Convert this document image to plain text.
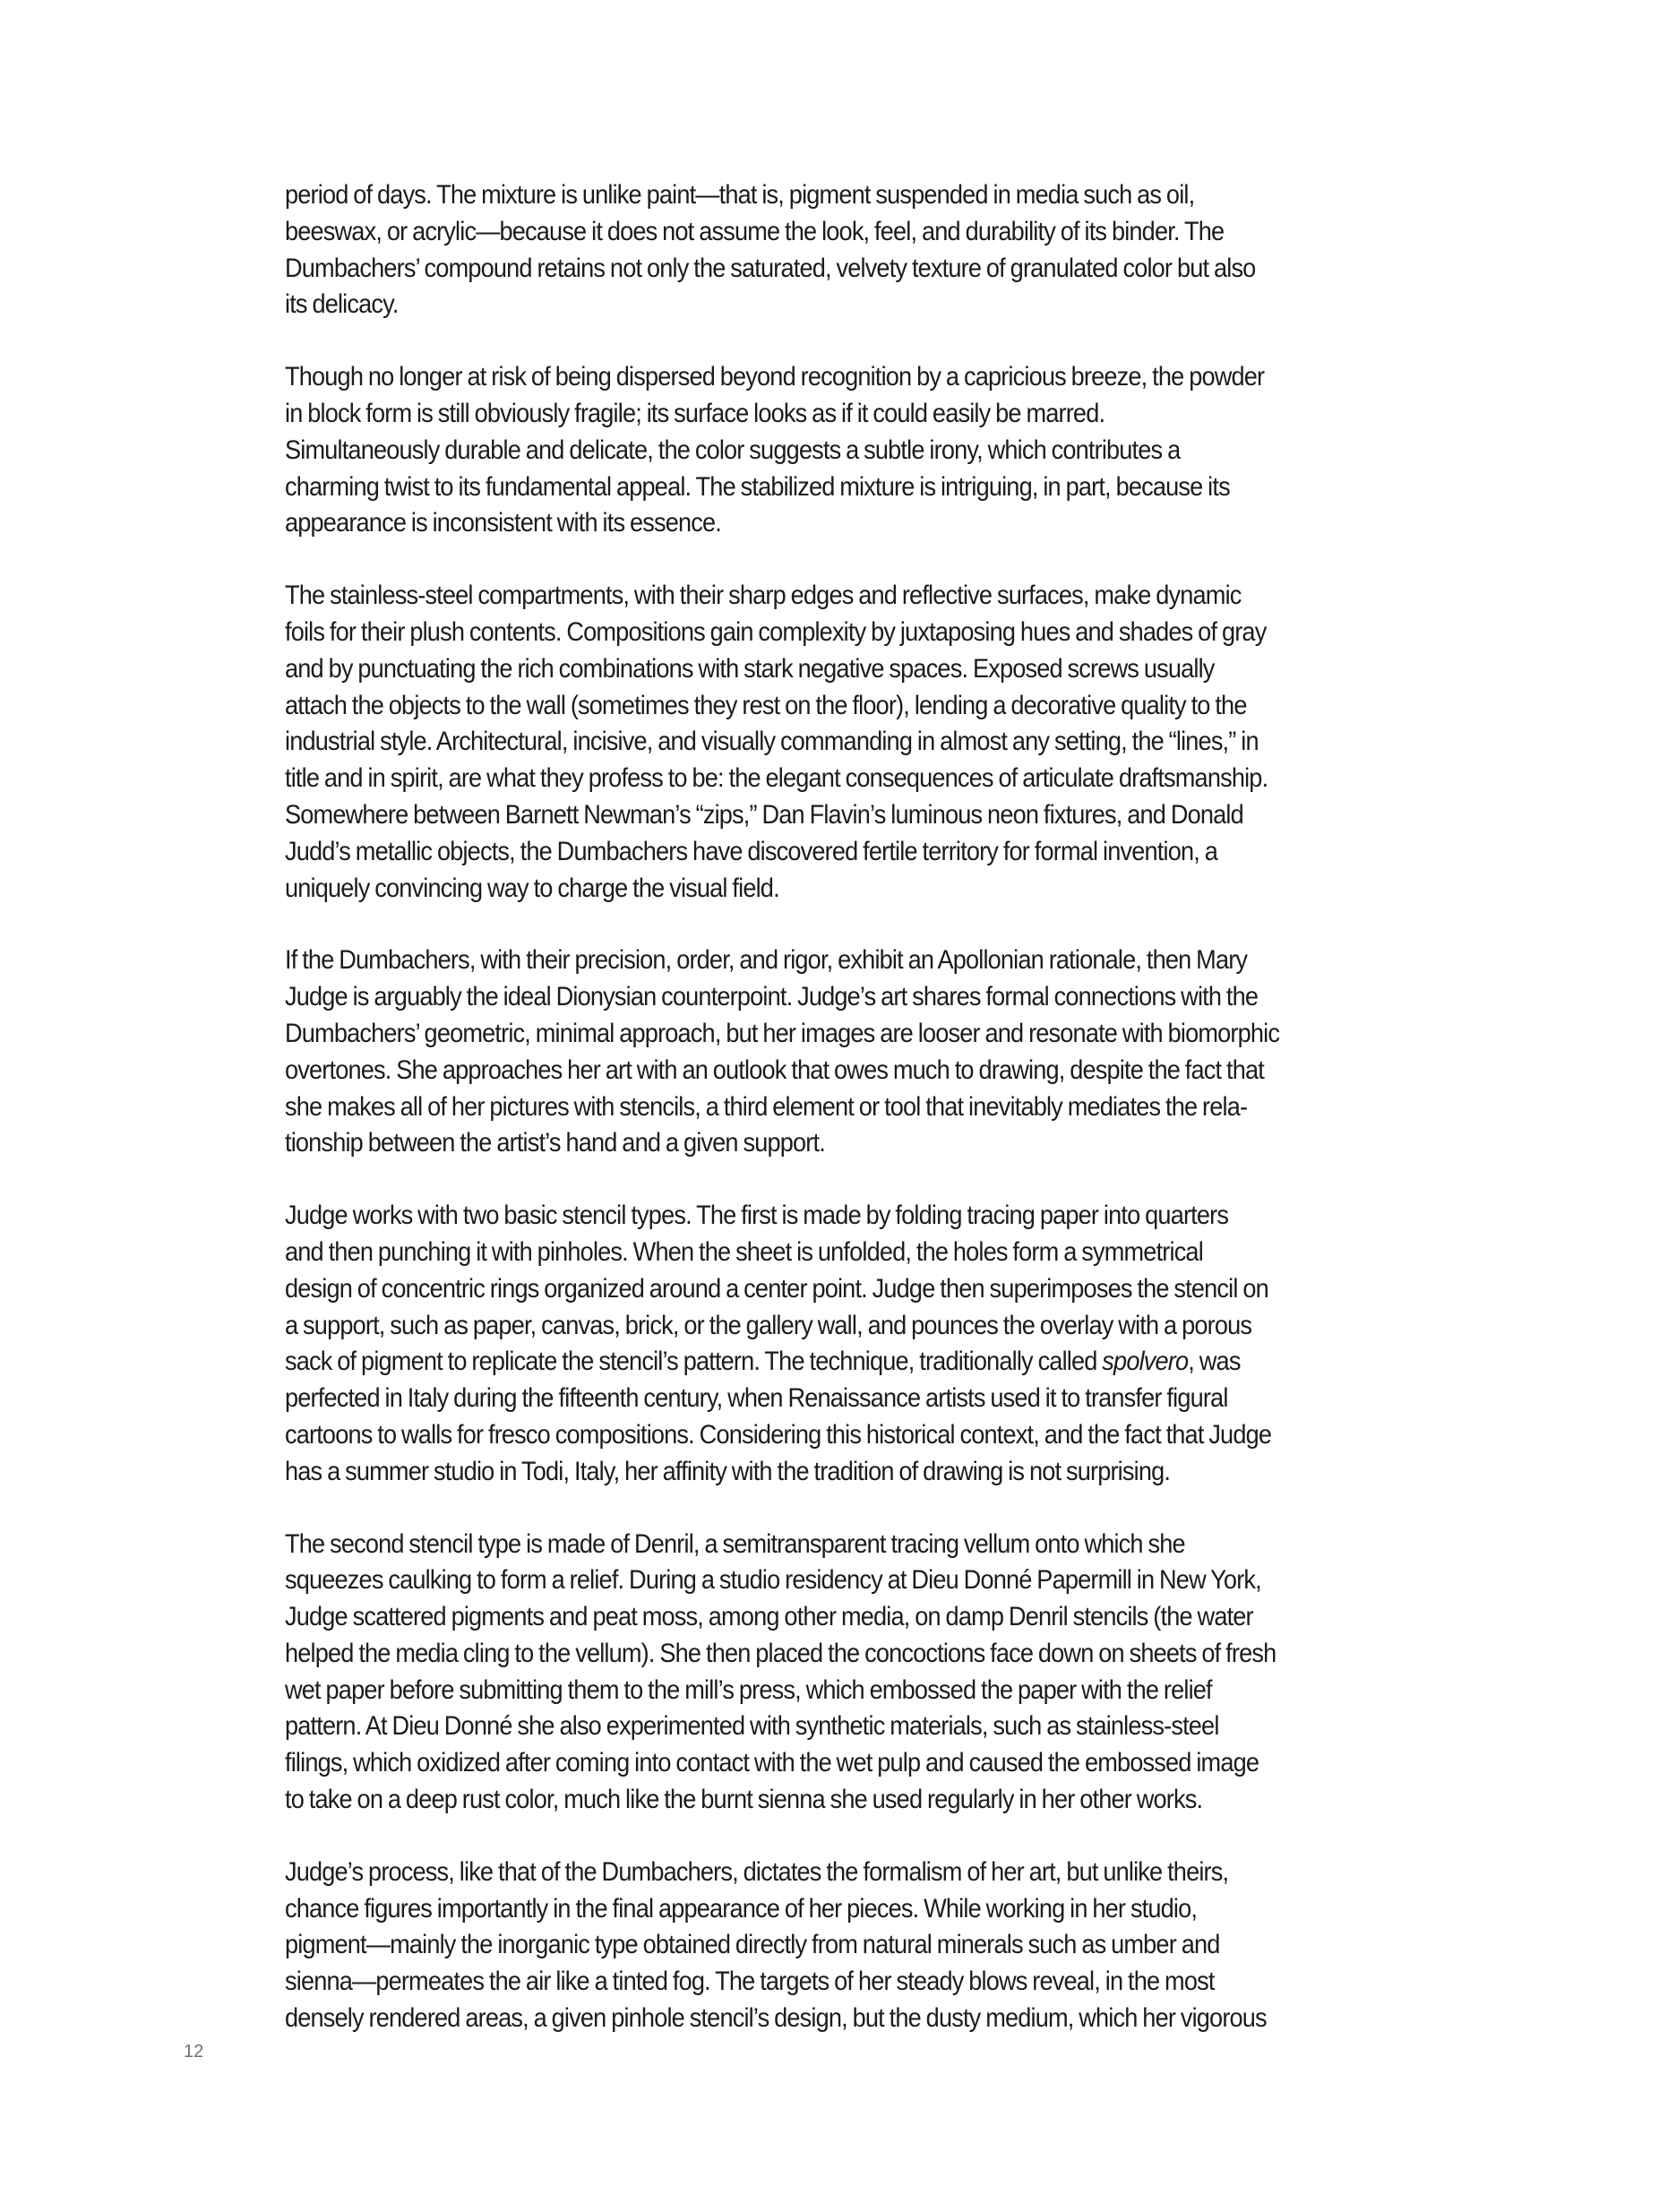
period of days. The mixture is unlike paint—that is, pigment suspended in media such as oil,
beeswax, or acrylic—because it does not assume the look, feel, and durability of its binder. The
Dumbachers’ compound retains not only the saturated, velvety texture of granulated color but also
its delicacy.

Though no longer at risk of being dispersed beyond recognition by a capricious breeze, the powder
in block form is still obviously fragile; its surface looks as if it could easily be marred.
Simultaneously durable and delicate, the color suggests a subtle irony, which contributes a
charming twist to its fundamental appeal. The stabilized mixture is intriguing, in part, because its
appearance is inconsistent with its essence.

The stainless-steel compartments, with their sharp edges and reflective surfaces, make dynamic
foils for their plush contents. Compositions gain complexity by juxtaposing hues and shades of gray
and by punctuating the rich combinations with stark negative spaces. Exposed screws usually
attach the objects to the wall (sometimes they rest on the floor), lending a decorative quality to the
industrial style. Architectural, incisive, and visually commanding in almost any setting, the “lines,” in
title and in spirit, are what they profess to be: the elegant consequences of articulate draftsmanship.
Somewhere between Barnett Newman’s “zips,” Dan Flavin’s luminous neon fixtures, and Donald
Judd’s metallic objects, the Dumbachers have discovered fertile territory for formal invention, a
uniquely convincing way to charge the visual field.

If the Dumbachers, with their precision, order, and rigor, exhibit an Apollonian rationale, then Mary
Judge is arguably the ideal Dionysian counterpoint. Judge’s art shares formal connections with the
Dumbachers’ geometric, minimal approach, but her images are looser and resonate with biomorphic
overtones. She approaches her art with an outlook that owes much to drawing, despite the fact that
she makes all of her pictures with stencils, a third element or tool that inevitably mediates the rela-
tionship between the artist’s hand and a given support.

Judge works with two basic stencil types. The first is made by folding tracing paper into quarters
and then punching it with pinholes. When the sheet is unfolded, the holes form a symmetrical
design of concentric rings organized around a center point. Judge then superimposes the stencil on
a support, such as paper, canvas, brick, or the gallery wall, and pounces the overlay with a porous
sack of pigment to replicate the stencil’s pattern. The technique, traditionally called spolvero, was
perfected in Italy during the fifteenth century, when Renaissance artists used it to transfer figural
cartoons to walls for fresco compositions. Considering this historical context, and the fact that Judge
has a summer studio in Todi, Italy, her affinity with the tradition of drawing is not surprising.

The second stencil type is made of Denril, a semitransparent tracing vellum onto which she
squeezes caulking to form a relief. During a studio residency at Dieu Donné Papermill in New York,
Judge scattered pigments and peat moss, among other media, on damp Denril stencils (the water
helped the media cling to the vellum). She then placed the concoctions face down on sheets of fresh
wet paper before submitting them to the mill’s press, which embossed the paper with the relief
pattern. At Dieu Donné she also experimented with synthetic materials, such as stainless-steel
filings, which oxidized after coming into contact with the wet pulp and caused the embossed image
to take on a deep rust color, much like the burnt sienna she used regularly in her other works.

Judge’s process, like that of the Dumbachers, dictates the formalism of her art, but unlike theirs,
chance figures importantly in the final appearance of her pieces. While working in her studio,
pigment—mainly the inorganic type obtained directly from natural minerals such as umber and
sienna—permeates the air like a tinted fog. The targets of her steady blows reveal, in the most
densely rendered areas, a given pinhole stencil’s design, but the dusty medium, which her vigorous

12
